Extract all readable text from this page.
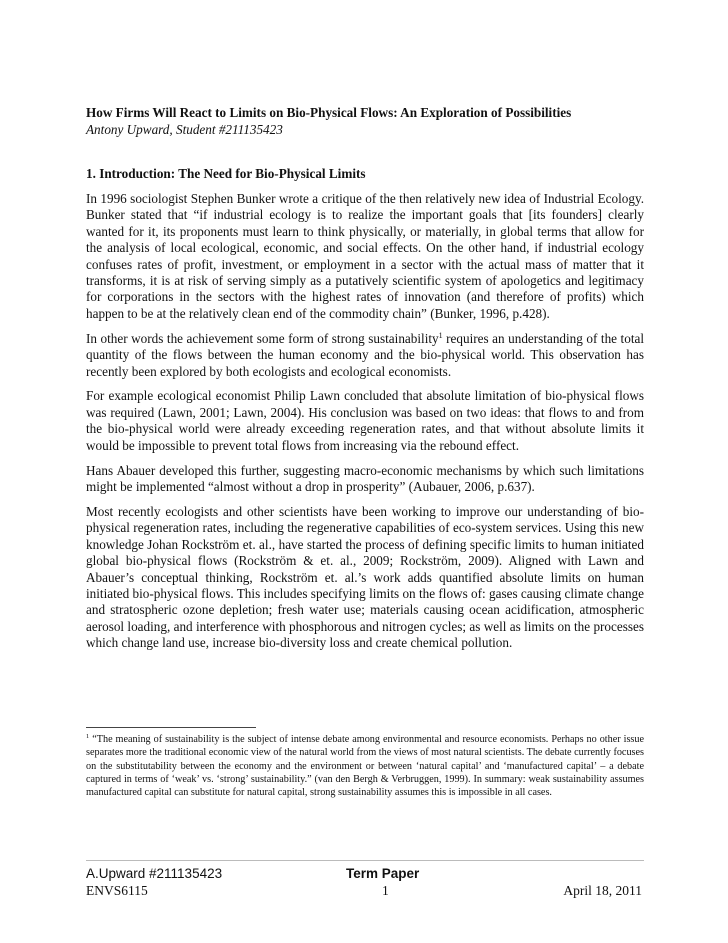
How Firms Will React to Limits on Bio-Physical Flows: An Exploration of Possibilities

Antony Upward, Student #211135423

1. Introduction: The Need for Bio-Physical Limits

In 1996 sociologist Stephen Bunker wrote a critique of the then relatively new idea of Industrial Ecology. Bunker stated that “if industrial ecology is to realize the important goals that [its founders] clearly wanted for it, its proponents must learn to think physically, or materially, in global terms that allow for the analysis of local ecological, economic, and social effects. On the other hand, if industrial ecology confuses rates of profit, investment, or employment in a sector with the actual mass of matter that it transforms, it is at risk of serving simply as a putatively scientific system of apologetics and legitimacy for corporations in the sectors with the highest rates of innovation (and therefore of profits) which happen to be at the relatively clean end of the commodity chain” (Bunker, 1996, p.428).

In other words the achievement some form of strong sustainability$^1$ requires an understanding of the total quantity of the flows between the human economy and the bio-physical world. This observation has recently been explored by both ecologists and ecological economists.

For example ecological economist Philip Lawn concluded that absolute limitation of bio-physical flows was required (Lawn, 2001; Lawn, 2004). His conclusion was based on two ideas: that flows to and from the bio-physical world were already exceeding regeneration rates, and that without absolute limits it would be impossible to prevent total flows from increasing via the rebound effect.

Hans Abauer developed this further, suggesting macro-economic mechanisms by which such limitations might be implemented “almost without a drop in prosperity” (Aubauer, 2006, p.637).

Most recently ecologists and other scientists have been working to improve our understanding of bio-physical regeneration rates, including the regenerative capabilities of eco-system services. Using this new knowledge Johan Rockström et. al., have started the process of defining specific limits to human initiated global bio-physical flows (Rockström & et. al., 2009; Rockström, 2009). Aligned with Lawn and Abauer’s conceptual thinking, Rockström et. al.’s work adds quantified absolute limits on human initiated bio-physical flows. This includes specifying limits on the flows of: gases causing climate change and stratospheric ozone depletion; fresh water use; materials causing ocean acidification, atmospheric aerosol loading, and interference with phosphorous and nitrogen cycles; as well as limits on the processes which change land use, increase bio-diversity loss and create chemical pollution.

$^1$ “The meaning of sustainability is the subject of intense debate among environmental and resource economists. Perhaps no other issue separates more the traditional economic view of the natural world from the views of most natural scientists. The debate currently focuses on the substitutability between the economy and the environment or between ‘natural capital’ and ‘manufactured capital’ – a debate captured in terms of ‘weak’ vs. ‘strong’ sustainability.” (van den Bergh & Verbruggen, 1999). In summary: weak sustainability assumes manufactured capital can substitute for natural capital, strong sustainability assumes this is impossible in all cases.

A.Upward #211135423	Term Paper
ENVS6115	1	April 18, 2011
